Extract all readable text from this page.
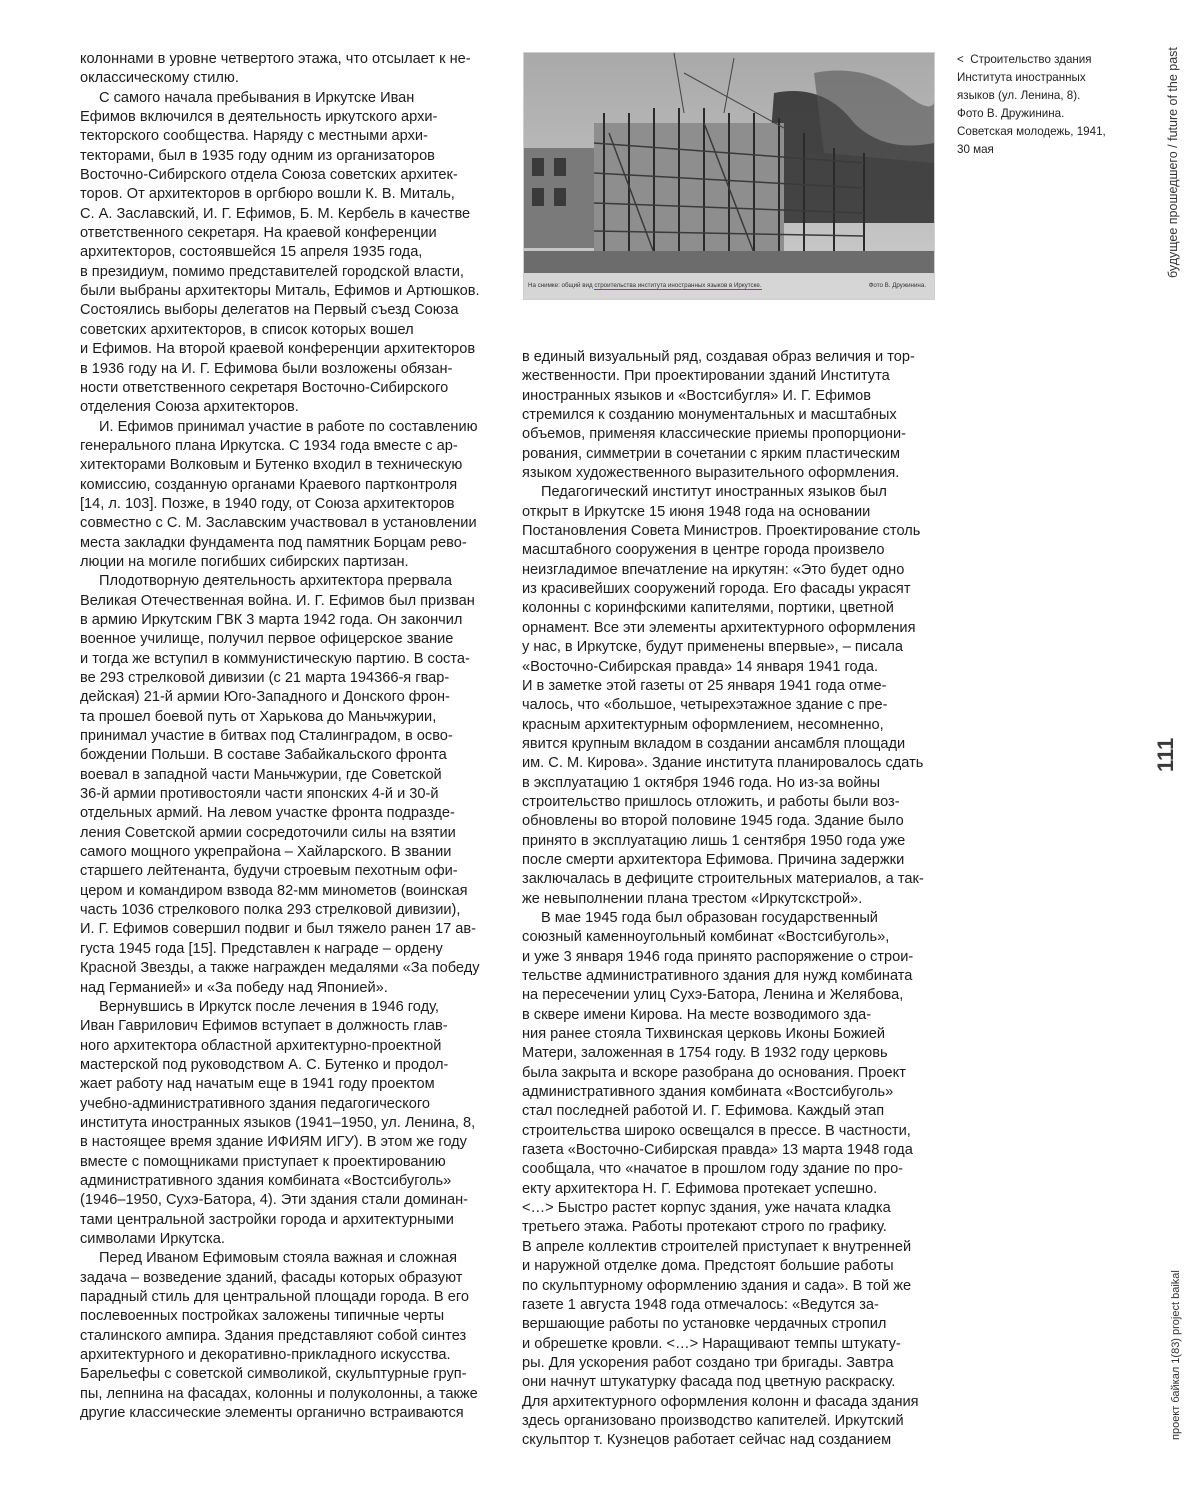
колоннами в уровне четвертого этажа, что отсылает к не-

оклассическому стилю.

С самого начала пребывания в Иркутске Иван

Ефимов включился в деятельность иркутского архи-

текторского сообщества. Наряду с местными архи-

текторами, был в 1935 году одним из организаторов

Восточно-Сибирского отдела Союза советских архитек-

торов. От архитекторов в оргбюро вошли К. В. Миталь,

С. А. Заславский, И. Г. Ефимов, Б. М. Кербель в качестве

ответственного секретаря. На краевой конференции

архитекторов, состоявшейся 15 апреля 1935 года,

в президиум, помимо представителей городской власти,

были выбраны архитекторы Миталь, Ефимов и Артюшков.

Состоялись выборы делегатов на Первый съезд Союза

советских архитекторов, в список которых вошел

и Ефимов. На второй краевой конференции архитекторов

в 1936 году на И. Г. Ефимова были возложены обязан-

ности ответственного секретаря Восточно-Сибирского

отделения Союза архитекторов.

И. Ефимов принимал участие в работе по составлению

генерального плана Иркутска. С 1934 года вместе с ар-

хитекторами Волковым и Бутенко входил в техническую

комиссию, созданную органами Краевого партконтроля

[14, л. 103]. Позже, в 1940 году, от Союза архитекторов

совместно с С. М. Заславским участвовал в установлении

места закладки фундамента под памятник Борцам рево-

люции на могиле погибших сибирских партизан.

Плодотворную деятельность архитектора прервала

Великая Отечественная война. И. Г. Ефимов был призван

в армию Иркутским ГВК 3 марта 1942 года. Он закончил

военное училище, получил первое офицерское звание

и тогда же вступил в коммунистическую партию. В соста-

ве 293 стрелковой дивизии (с 21 марта 194366-я гвар-

дейская) 21-й армии Юго-Западного и Донского фрон-

та прошел боевой путь от Харькова до Маньчжурии,

принимал участие в битвах под Сталинградом, в осво-

бождении Польши. В составе Забайкальского фронта

воевал в западной части Маньчжурии, где Советской

36-й армии противостояли части японских 4-й и 30-й

отдельных армий. На левом участке фронта подразде-

ления Советской армии сосредоточили силы на взятии

самого мощного укрепрайона – Хайларского. В звании

старшего лейтенанта, будучи строевым пехотным офи-

цером и командиром взвода 82-мм минометов (воинская

часть 1036 стрелкового полка 293 стрелковой дивизии),

И. Г. Ефимов совершил подвиг и был тяжело ранен 17 ав-

густа 1945 года [15]. Представлен к награде – ордену

Красной Звезды, а также награжден медалями «За победу

над Германией» и «За победу над Японией».

Вернувшись в Иркутск после лечения в 1946 году,

Иван Гаврилович Ефимов вступает в должность глав-

ного архитектора областной архитектурно-проектной

мастерской под руководством А. С. Бутенко и продол-

жает работу над начатым еще в 1941 году проектом

учебно-административного здания педагогического

института иностранных языков (1941–1950, ул. Ленина, 8,

в настоящее время здание ИФИЯМ ИГУ). В этом же году

вместе с помощниками приступает к проектированию

административного здания комбината «Востсибуголь»

(1946–1950, Сухэ-Батора, 4). Эти здания стали доминан-

тами центральной застройки города и архитектурными

символами Иркутска.

Перед Иваном Ефимовым стояла важная и сложная

задача – возведение зданий, фасады которых образуют

парадный стиль для центральной площади города. В его

послевоенных постройках заложены типичные черты

сталинского ампира. Здания представляют собой синтез

архитектурного и декоративно-прикладного искусства.

Барельефы с советской символикой, скульптурные груп-

пы, лепнина на фасадах, колонны и полуколонны, а также

другие классические элементы органично встраиваются

На снимке: общий вид строительства института иностранных языков в Иркутске.	Фото В. Дружинина.

<  Строительство здания

Института иностранных

языков (ул. Ленина, 8).

Фото В. Дружинина.

Советская молодежь, 1941,

30 мая

в единый визуальный ряд, создавая образ величия и тор-

жественности. При проектировании зданий Института

иностранных языков и «Востсибугля» И. Г. Ефимов

стремился к созданию монументальных и масштабных

объемов, применяя классические приемы пропорциони-

рования, симметрии в сочетании с ярким пластическим

языком художественного выразительного оформления.

Педагогический институт иностранных языков был

открыт в Иркутске 15 июня 1948 года на основании

Постановления Совета Министров. Проектирование столь

масштабного сооружения в центре города произвело

неизгладимое впечатление на иркутян: «Это будет одно

из красивейших сооружений города. Его фасады украсят

колонны с коринфскими капителями, портики, цветной

орнамент. Все эти элементы архитектурного оформления

у нас, в Иркутске, будут применены впервые», – писала

«Восточно-Сибирская правда» 14 января 1941 года.

И в заметке этой газеты от 25 января 1941 года отме-

чалось, что «большое, четырехэтажное здание с пре-

красным архитектурным оформлением, несомненно,

явится крупным вкладом в создании ансамбля площади

им. С. М. Кирова». Здание института планировалось сдать

в эксплуатацию 1 октября 1946 года. Но из-за войны

строительство пришлось отложить, и работы были воз-

обновлены во второй половине 1945 года. Здание было

принято в эксплуатацию лишь 1 сентября 1950 года уже

после смерти архитектора Ефимова. Причина задержки

заключалась в дефиците строительных материалов, а так-

же невыполнении плана трестом «Иркутскстрой».

В мае 1945 года был образован государственный

союзный каменноугольный комбинат «Востсибуголь»,

и уже 3 января 1946 года принято распоряжение о строи-

тельстве административного здания для нужд комбината

на пересечении улиц Сухэ-Батора, Ленина и Желябова,

в сквере имени Кирова. На месте возводимого зда-

ния ранее стояла Тихвинская церковь Иконы Божией

Матери, заложенная в 1754 году. В 1932 году церковь

была закрыта и вскоре разобрана до основания. Проект

административного здания комбината «Востсибуголь»

стал последней работой И. Г. Ефимова. Каждый этап

строительства широко освещался в прессе. В частности,

газета «Восточно-Сибирская правда» 13 марта 1948 года

сообщала, что «начатое в прошлом году здание по про-

екту архитектора Н. Г. Ефимова протекает успешно.

<…> Быстро растет корпус здания, уже начата кладка

третьего этажа. Работы протекают строго по графику.

В апреле коллектив строителей приступает к внутренней

и наружной отделке дома. Предстоят большие работы

по скульптурному оформлению здания и сада». В той же

газете 1 августа 1948 года отмечалось: «Ведутся за-

вершающие работы по установке чердачных стропил

и обрешетке кровли. <…> Наращивают темпы штукату-

ры. Для ускорения работ создано три бригады. Завтра

они начнут штукатурку фасада под цветную раскраску.

Для архитектурного оформления колонн и фасада здания

здесь организовано производство капителей. Иркутский

скульптор т. Кузнецов работает сейчас над созданием

будущее прошедшего / future of the past
111
проект байкал 1(83) project baikal
